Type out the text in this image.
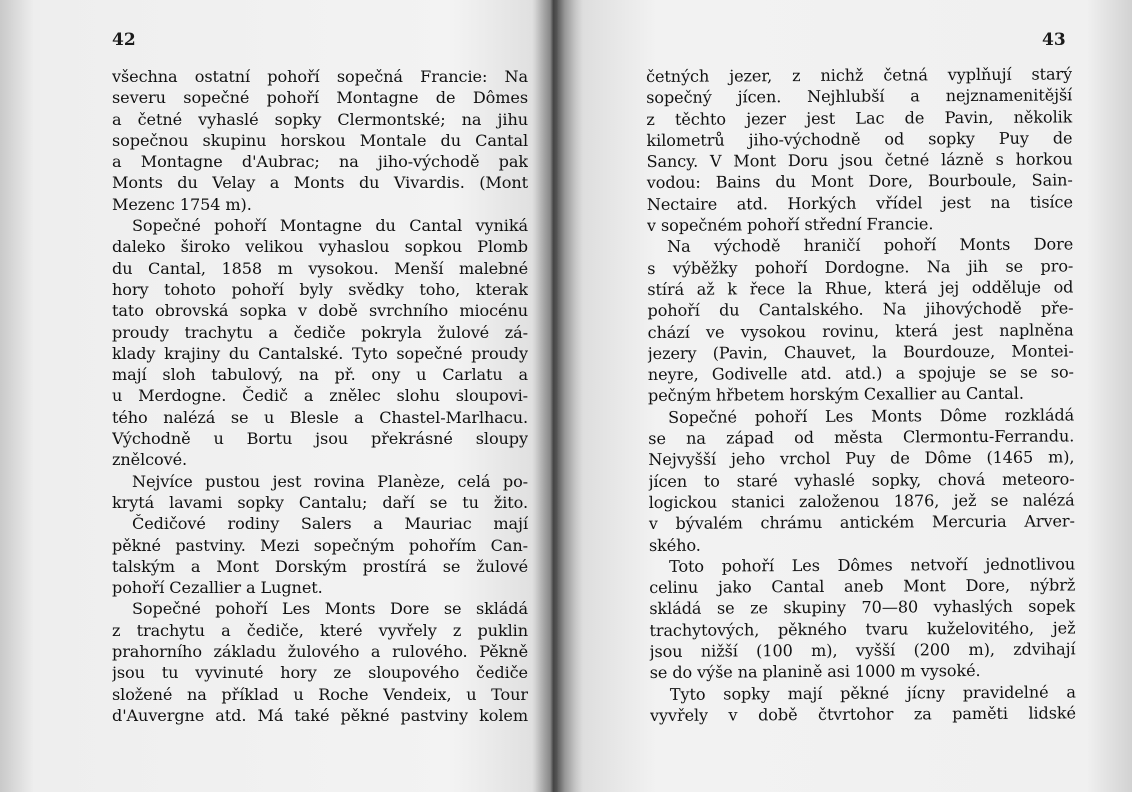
42
všechna ostatní pohoří sopečná Francie: Na
severu sopečné pohoří Montagne de Dômes
a četné vyhaslé sopky Clermontské; na jihu
sopečnou skupinu horskou Montale du Cantal
a Montagne d'Aubrac; na jiho-východě pak
Monts du Velay a Monts du Vivardis. (Mont
Mezenc 1754 m).
Sopečné pohoří Montagne du Cantal vyniká
daleko široko velikou vyhaslou sopkou Plomb
du Cantal, 1858 m vysokou. Menší malebné
hory tohoto pohoří byly svědky toho, kterak
tato obrovská sopka v době svrchního miocénu
proudy trachytu a čediče pokryla žulové zá-
klady krajiny du Cantalské. Tyto sopečné proudy
mají sloh tabulový, na př. ony u Carlatu a
u Merdogne. Čedič a znělec slohu sloupovi-
tého nalézá se u Blesle a Chastel-Marlhacu.
Východně u Bortu jsou překrásné sloupy
znělcové.
Nejvíce pustou jest rovina Planèze, celá po-
krytá lavami sopky Cantalu; daří se tu žito.
Čedičové rodiny Salers a Mauriac mají
pěkné pastviny. Mezi sopečným pohořím Can-
talským a Mont Dorským prostírá se žulové
pohoří Cezallier a Lugnet.
Sopečné pohoří Les Monts Dore se skládá
z trachytu a čediče, které vyvřely z puklin
prahorního základu žulového a rulového. Pěkně
jsou tu vyvinuté hory ze sloupového čediče
složené na příklad u Roche Vendeix, u Tour
d'Auvergne atd. Má také pěkné pastviny kolem
43
četných jezer, z nichž četná vyplňují starý
sopečný jícen. Nejhlubší a nejznamenitější
z těchto jezer jest Lac de Pavin, několik
kilometrů jiho-východně od sopky Puy de
Sancy. V Mont Doru jsou četné lázně s horkou
vodou: Bains du Mont Dore, Bourboule, Sain-
Nectaire atd. Horkých vřídel jest na tisíce
v sopečném pohoří střední Francie.
Na východě hraničí pohoří Monts Dore
s výběžky pohoří Dordogne. Na jih se pro-
stírá až k řece la Rhue, která jej odděluje od
pohoří du Cantalského. Na jihovýchodě pře-
chází ve vysokou rovinu, která jest naplněna
jezery (Pavin, Chauvet, la Bourdouze, Montei-
neyre, Godivelle atd. atd.) a spojuje se se so-
pečným hřbetem horským Cexallier au Cantal.
Sopečné pohoří Les Monts Dôme rozkládá
se na západ od města Clermontu-Ferrandu.
Nejvyšší jeho vrchol Puy de Dôme (1465 m),
jícen to staré vyhaslé sopky, chová meteoro-
logickou stanici založenou 1876, jež se nalézá
v bývalém chrámu antickém Mercuria Arver-
ského.
Toto pohoří Les Dômes netvoří jednotlivou
celinu jako Cantal aneb Mont Dore, nýbrž
skládá se ze skupiny 70—80 vyhaslých sopek
trachytových, pěkného tvaru kuželovitého, jež
jsou nižší (100 m), vyšší (200 m), zdvihají
se do výše na planině asi 1000 m vysoké.
Tyto sopky mají pěkné jícny pravidelné a
vyvřely v době čtvrtohor za paměti lidské
